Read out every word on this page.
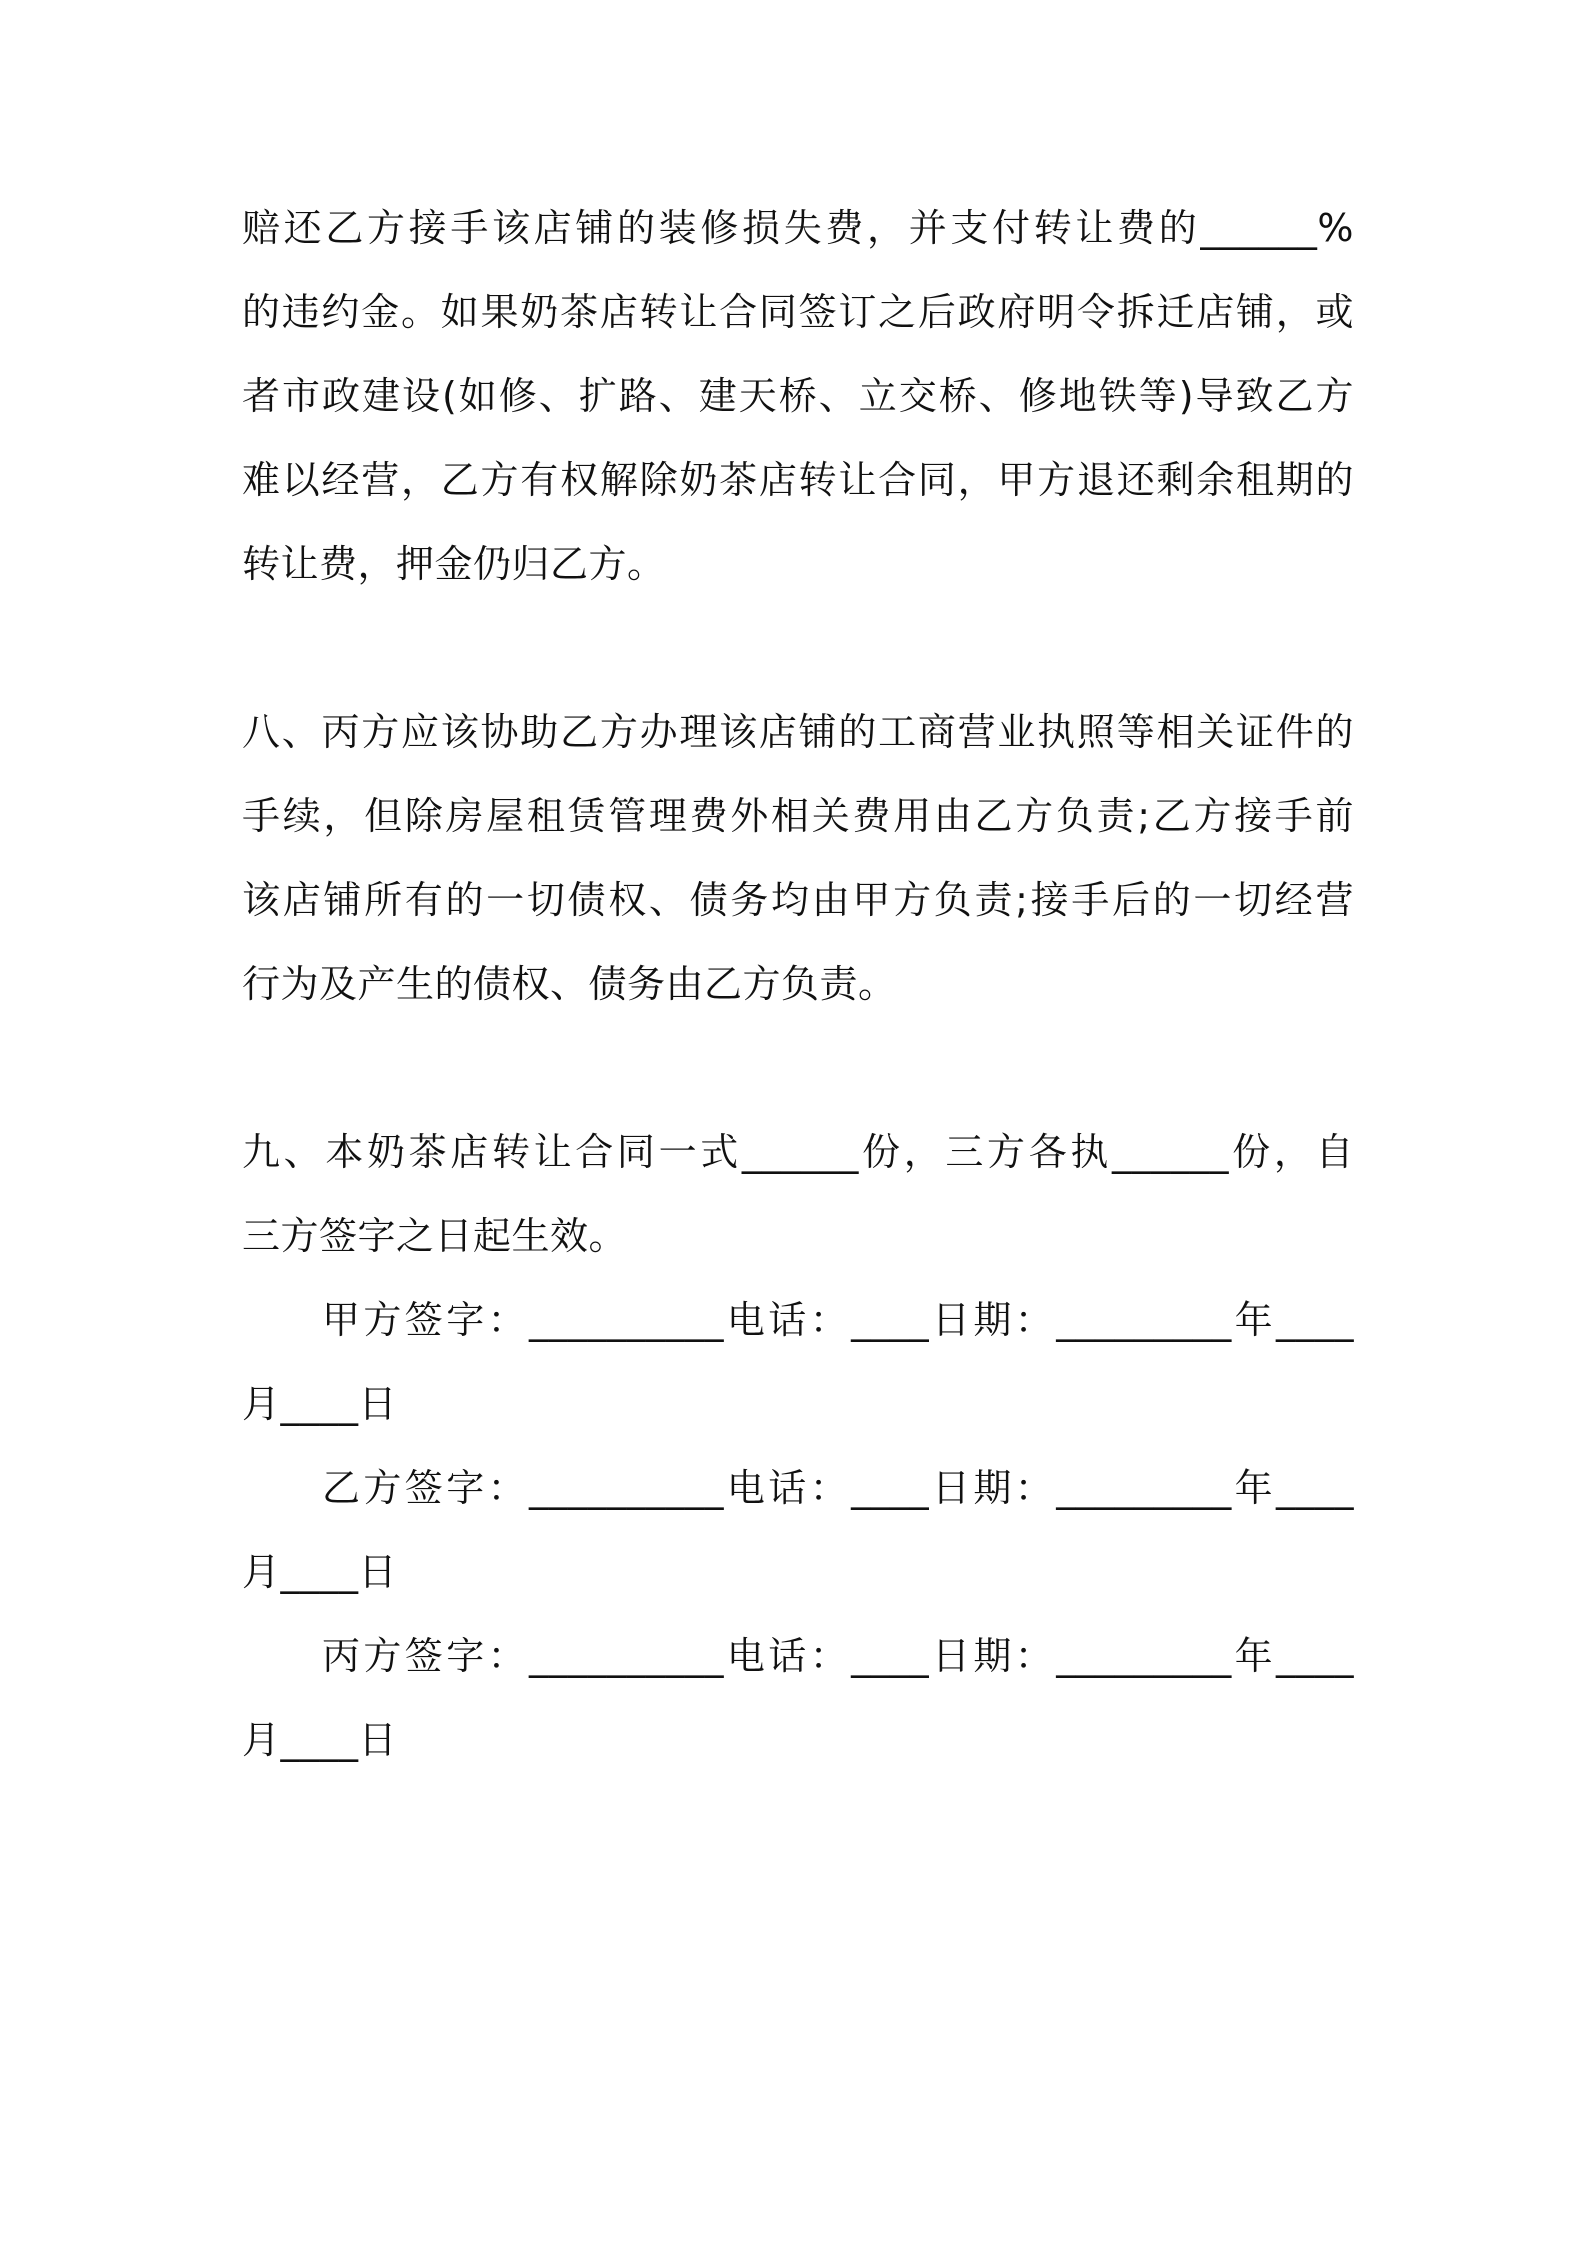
赔还乙方接手该店铺的装修损失费，并支付转让费的______%
的违约金。如果奶茶店转让合同签订之后政府明令拆迁店铺，或
者市政建设(如修、扩路、建天桥、立交桥、修地铁等)导致乙方
难以经营，乙方有权解除奶茶店转让合同，甲方退还剩余租期的
转让费，押金仍归乙方。
八、丙方应该协助乙方办理该店铺的工商营业执照等相关证件的
手续，但除房屋租赁管理费外相关费用由乙方负责;乙方接手前
该店铺所有的一切债权、债务均由甲方负责;接手后的一切经营
行为及产生的债权、债务由乙方负责。
九、本奶茶店转让合同一式______份，三方各执______份，自
三方签字之日起生效。
甲方签字：__________电话：____日期：_________年____
月____日
乙方签字：__________电话：____日期：_________年____
月____日
丙方签字：__________电话：____日期：_________年____
月____日
